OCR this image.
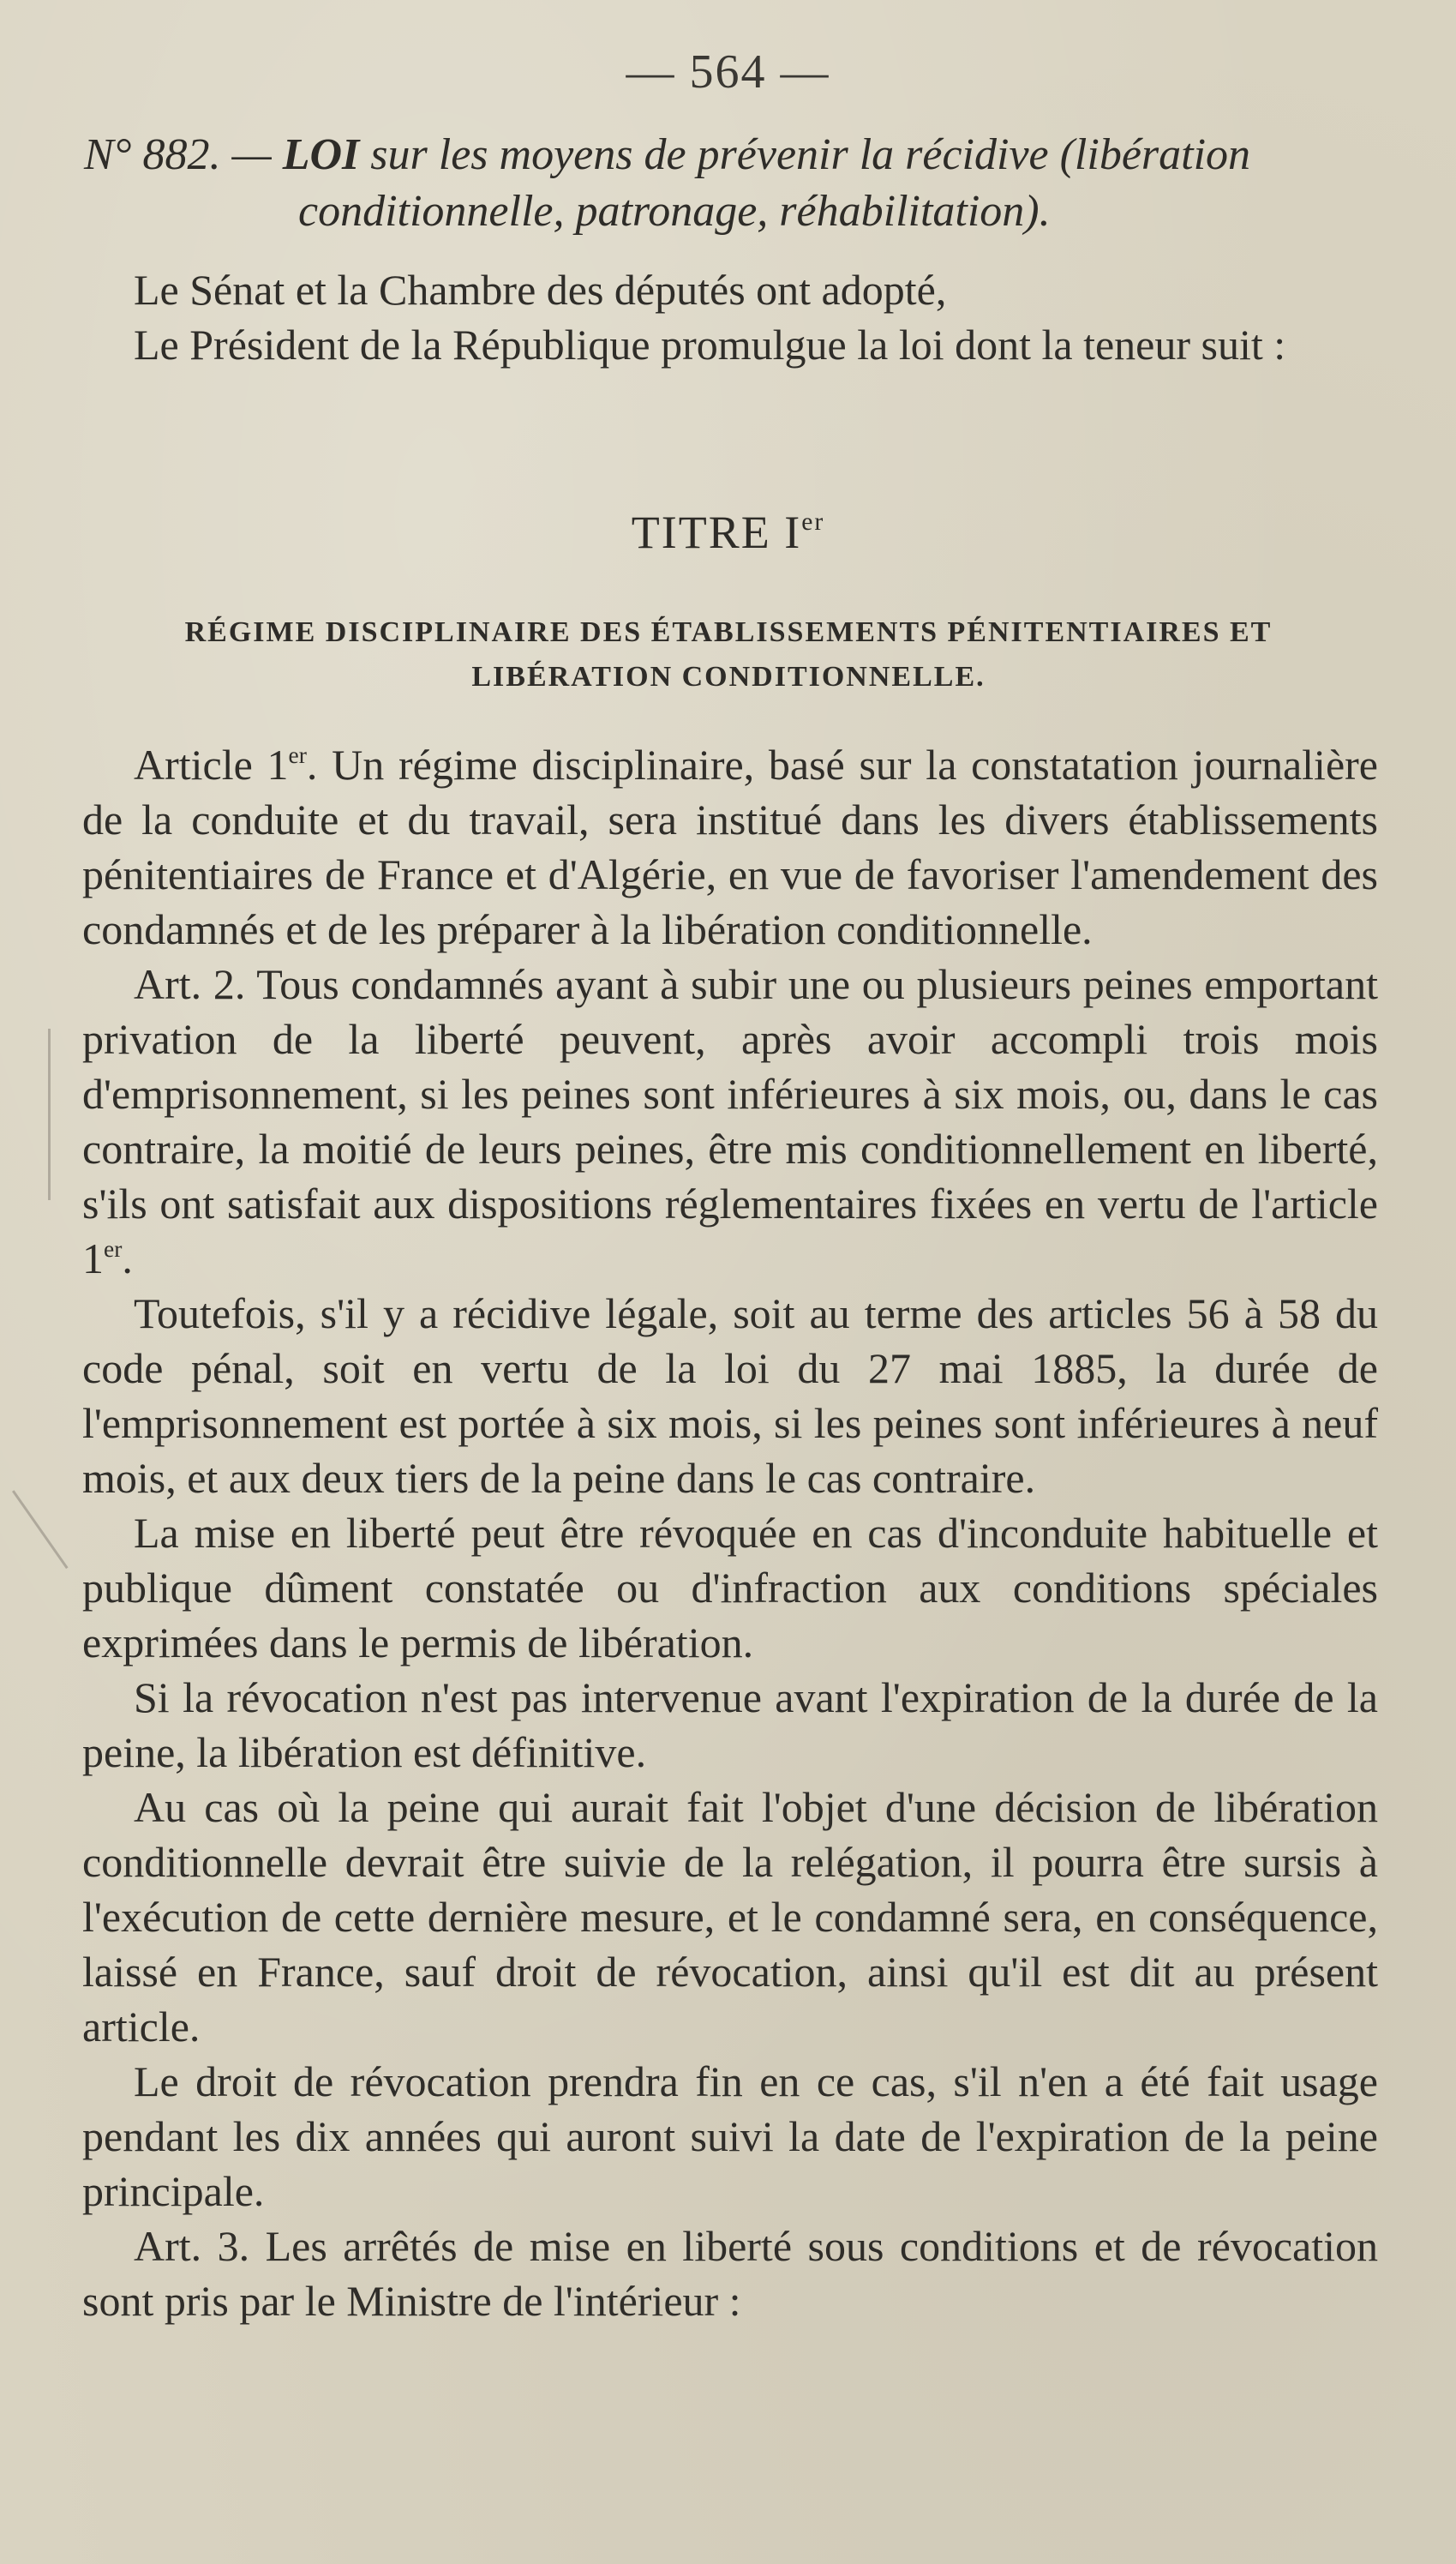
— 564 —
N° 882. — LOI sur les moyens de prévenir la récidive (libération
conditionnelle, patronage, réhabilitation).

Le Sénat et la Chambre des députés ont adopté,

Le Président de la République promulgue la loi dont la teneur suit :

TITRE Ier
RÉGIME DISCIPLINAIRE DES ÉTABLISSEMENTS PÉNITENTIAIRES ET
LIBÉRATION CONDITIONNELLE.

Article 1er. Un régime disciplinaire, basé sur la constatation journalière de la conduite et du travail, sera institué dans les divers établissements pénitentiaires de France et d'Algérie, en vue de favoriser l'amendement des condamnés et de les préparer à la libération conditionnelle.

Art. 2. Tous condamnés ayant à subir une ou plusieurs peines emportant privation de la liberté peuvent, après avoir accompli trois mois d'emprisonnement, si les peines sont inférieures à six mois, ou, dans le cas contraire, la moitié de leurs peines, être mis conditionnellement en liberté, s'ils ont satisfait aux dispositions réglementaires fixées en vertu de l'article 1er.

Toutefois, s'il y a récidive légale, soit au terme des articles 56 à 58 du code pénal, soit en vertu de la loi du 27 mai 1885, la durée de l'emprisonnement est portée à six mois, si les peines sont inférieures à neuf mois, et aux deux tiers de la peine dans le cas contraire.

La mise en liberté peut être révoquée en cas d'inconduite habituelle et publique dûment constatée ou d'infraction aux conditions spéciales exprimées dans le permis de libération.

Si la révocation n'est pas intervenue avant l'expiration de la durée de la peine, la libération est définitive.

Au cas où la peine qui aurait fait l'objet d'une décision de libération conditionnelle devrait être suivie de la relégation, il pourra être sursis à l'exécution de cette dernière mesure, et le condamné sera, en conséquence, laissé en France, sauf droit de révocation, ainsi qu'il est dit au présent article.

Le droit de révocation prendra fin en ce cas, s'il n'en a été fait usage pendant les dix années qui auront suivi la date de l'expiration de la peine principale.

Art. 3. Les arrêtés de mise en liberté sous conditions et de révocation sont pris par le Ministre de l'intérieur :
